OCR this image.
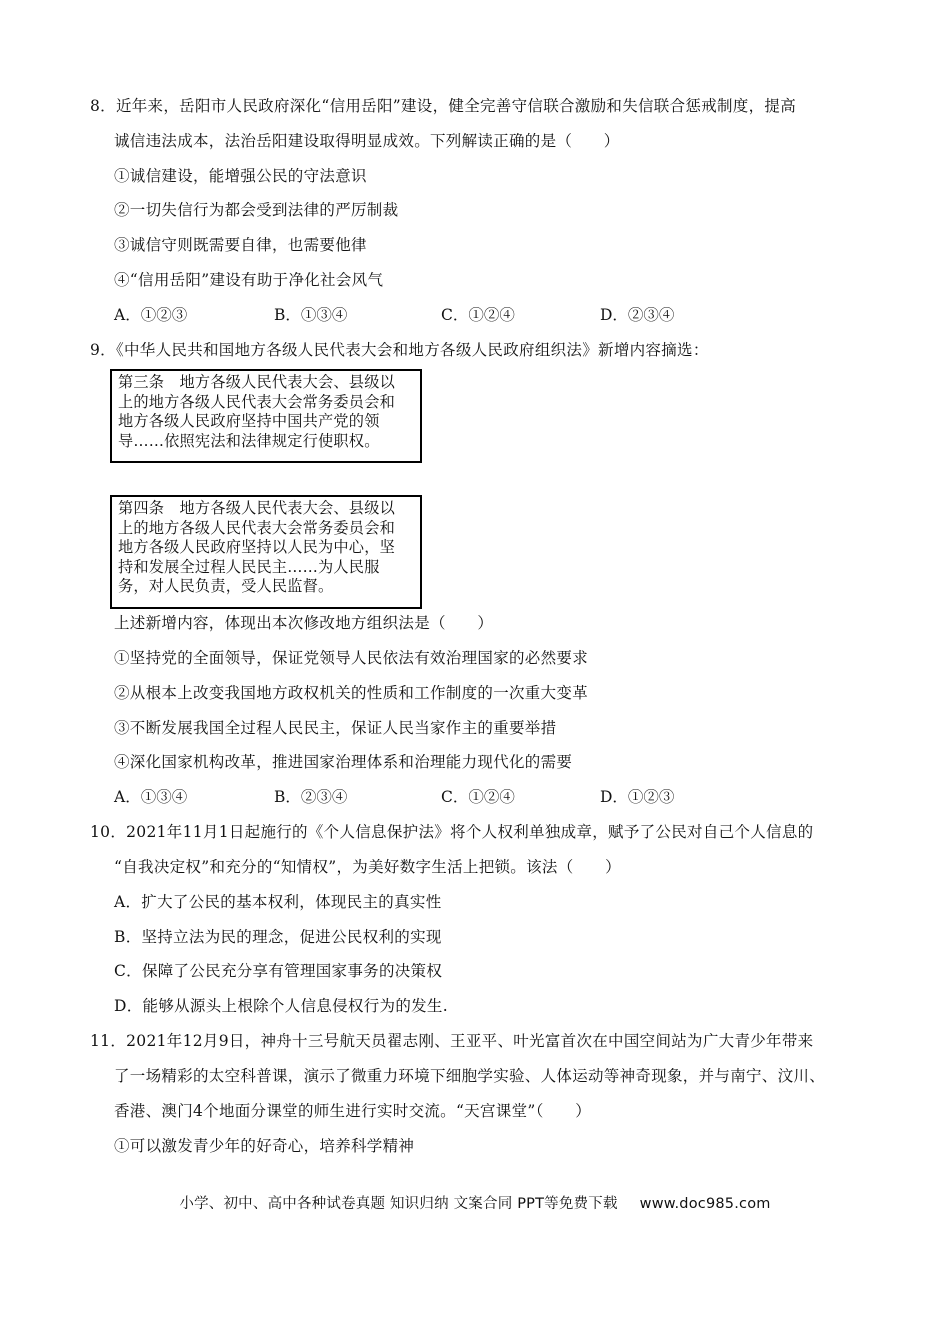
8．近年来，岳阳市人民政府深化“信用岳阳”建设，健全完善守信联合激励和失信联合惩戒制度，提高
诚信违法成本，法治岳阳建设取得明显成效。下列解读正确的是（　　）
①诚信建设，能增强公民的守法意识
②一切失信行为都会受到法律的严厉制裁
③诚信守则既需要自律，也需要他律
④“信用岳阳”建设有助于净化社会风气
A．①②③	B．①③④	C．①②④	D．②③④
9．《中华人民共和国地方各级人民代表大会和地方各级人民政府组织法》新增内容摘选：
第三条　地方各级人民代表大会、县级以
上的地方各级人民代表大会常务委员会和
地方各级人民政府坚持中国共产党的领
导……依照宪法和法律规定行使职权。
第四条　地方各级人民代表大会、县级以
上的地方各级人民代表大会常务委员会和
地方各级人民政府坚持以人民为中心，坚
持和发展全过程人民民主……为人民服
务，对人民负责，受人民监督。
上述新增内容，体现出本次修改地方组织法是（　　）
①坚持党的全面领导，保证党领导人民依法有效治理国家的必然要求
②从根本上改变我国地方政权机关的性质和工作制度的一次重大变革
③不断发展我国全过程人民民主，保证人民当家作主的重要举措
④深化国家机构改革，推进国家治理体系和治理能力现代化的需要
A．①③④	B．②③④	C．①②④	D．①②③
10．2021年11月1日起施行的《个人信息保护法》将个人权利单独成章，赋予了公民对自己个人信息的
“自我决定权”和充分的“知情权”，为美好数字生活上把锁。该法（　　）
A．扩大了公民的基本权利，体现民主的真实性
B．坚持立法为民的理念，促进公民权利的实现
C．保障了公民充分享有管理国家事务的决策权
D．能够从源头上根除个人信息侵权行为的发生.
11．2021年12月9日，神舟十三号航天员翟志刚、王亚平、叶光富首次在中国空间站为广大青少年带来
了一场精彩的太空科普课，演示了微重力环境下细胞学实验、人体运动等神奇现象，并与南宁、汶川、
香港、澳门4个地面分课堂的师生进行实时交流。“天宫课堂”（　　）
①可以激发青少年的好奇心，培养科学精神
小学、初中、高中各种试卷真题 知识归纳 文案合同 PPT等免费下载 www.doc985.com
